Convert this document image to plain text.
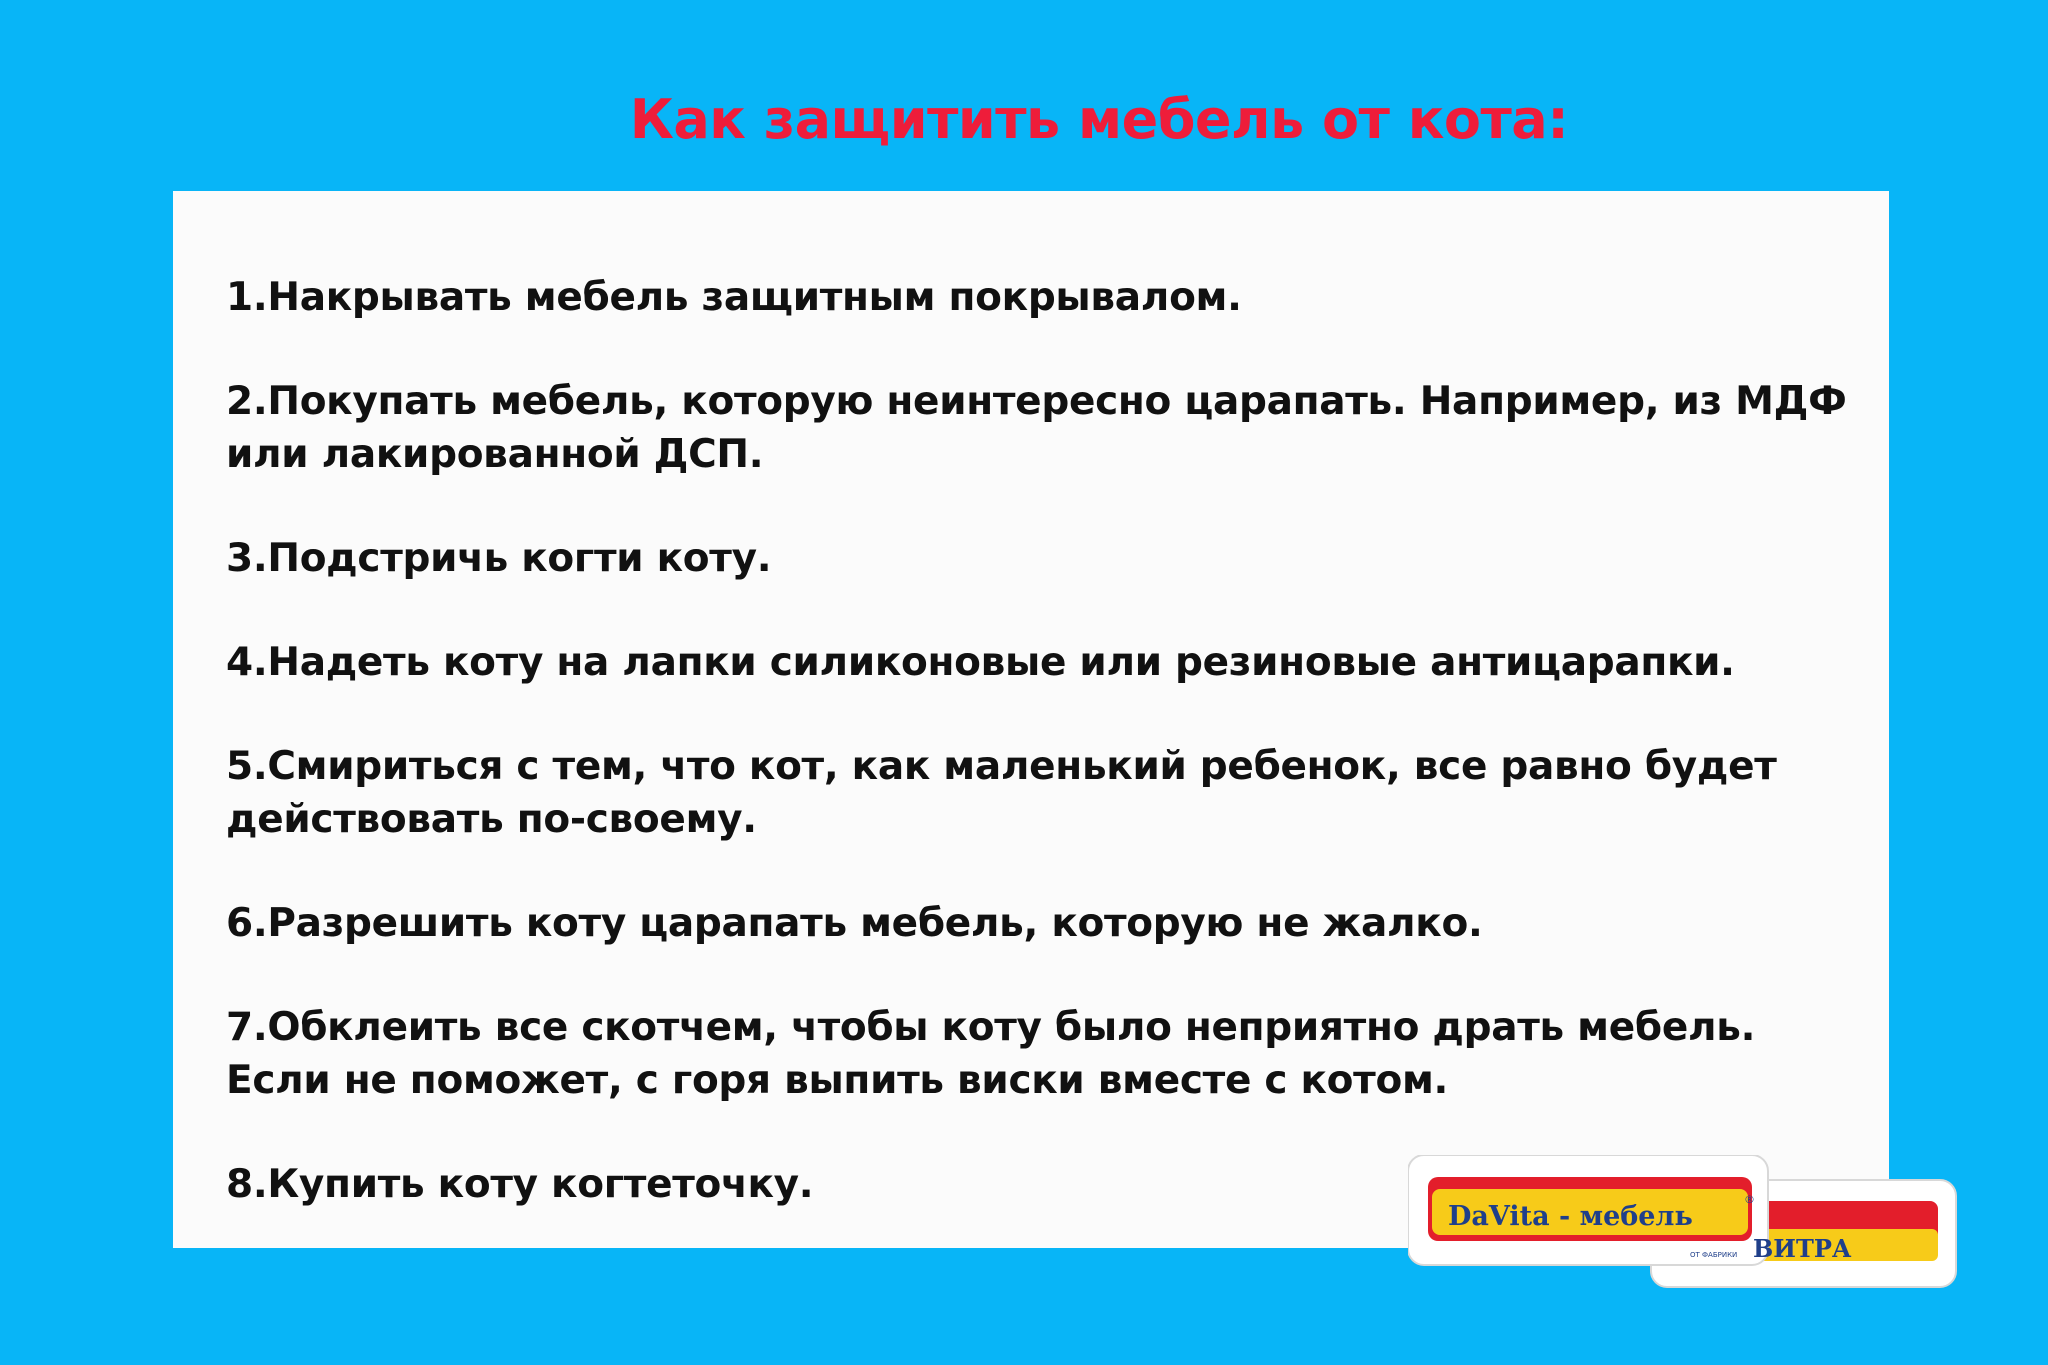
Как защитить мебель от кота:
1.Накрывать мебель защитным покрывалом.
2.Покупать мебель, которую неинтересно царапать. Например, из МДФ
или лакированной ДСП.
3.Подстричь когти коту.
4.Надеть коту на лапки силиконовые или резиновые антицарапки.
5.Смириться с тем, что кот, как маленький ребенок, все равно будет
действовать по-своему.
6.Разрешить коту царапать мебель, которую не жалко.
7.Обклеить все скотчем, чтобы коту было неприятно драть мебель.
Если не поможет, с горя выпить виски вместе с котом.
8.Купить коту когтеточку.
DaVita - мебель
®
ОТ ФАБРИКИ ВИТРА
